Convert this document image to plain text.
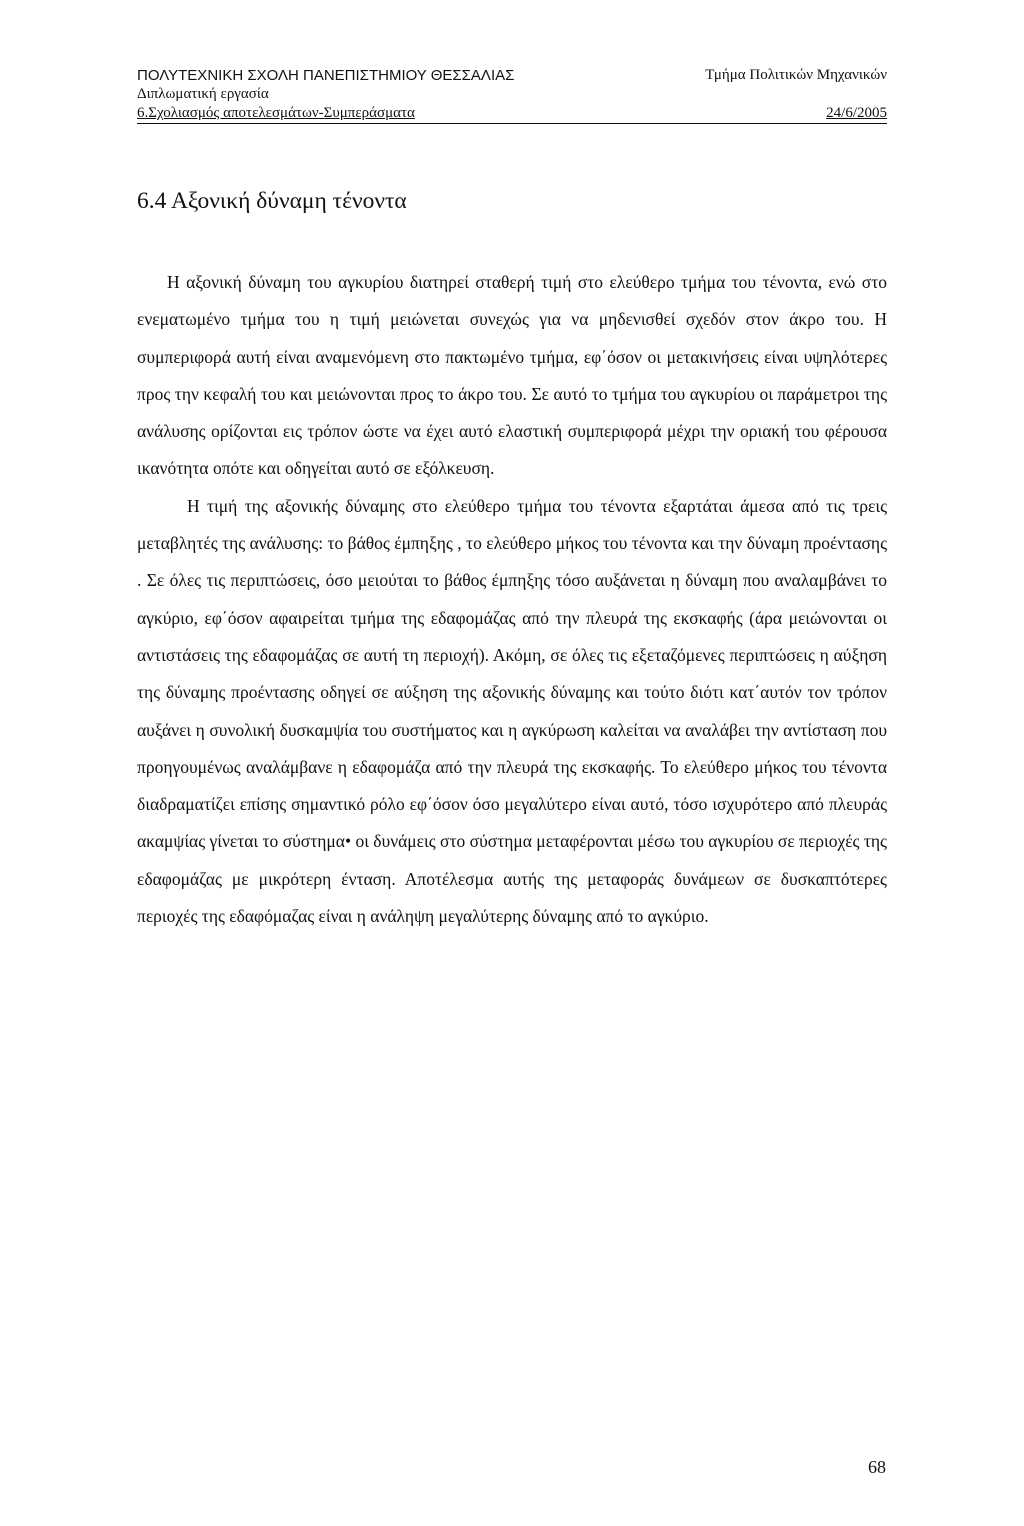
ΠΟΛΥΤΕΧΝΙΚΗ ΣΧΟΛΗ ΠΑΝΕΠΙΣΤΗΜΙΟΥ ΘΕΣΣΑΛΙΑΣ	Τμήμα Πολιτικών Μηχανικών
Διπλωματική εργασία
6.Σχολιασμός αποτελεσμάτων-Συμπεράσματα	24/6/2005
6.4 Αξονική δύναμη τένοντα

Η αξονική δύναμη του αγκυρίου διατηρεί σταθερή τιμή στο ελεύθερο τμήμα του τένοντα, ενώ στο ενεματωμένο τμήμα του η τιμή μειώνεται συνεχώς για να μηδενισθεί σχεδόν στον άκρο του. Η συμπεριφορά αυτή είναι αναμενόμενη στο πακτωμένο τμήμα, εφ΄όσον οι μετακινήσεις είναι υψηλότερες προς την κεφαλή του και μειώνονται προς το άκρο του. Σε αυτό το τμήμα του αγκυρίου οι παράμετροι της ανάλυσης ορίζονται εις τρόπον ώστε να έχει αυτό ελαστική συμπεριφορά μέχρι την οριακή του φέρουσα ικανότητα οπότε και οδηγείται αυτό σε εξόλκευση.

Η τιμή της αξονικής δύναμης στο ελεύθερο τμήμα του τένοντα εξαρτάται άμεσα από τις τρεις μεταβλητές της ανάλυσης: το βάθος έμπηξης , το ελεύθερο μήκος του τένοντα και την δύναμη προέντασης . Σε όλες τις περιπτώσεις, όσο μειούται το βάθος έμπηξης τόσο αυξάνεται η δύναμη που αναλαμβάνει το αγκύριο, εφ΄όσον αφαιρείται τμήμα της εδαφομάζας από την πλευρά της εκσκαφής (άρα μειώνονται οι αντιστάσεις της εδαφομάζας σε αυτή τη περιοχή). Ακόμη, σε όλες τις εξεταζόμενες περιπτώσεις η αύξηση της δύναμης προέντασης οδηγεί σε αύξηση της αξονικής δύναμης και τούτο διότι κατ΄αυτόν τον τρόπον αυξάνει η συνολική δυσκαμψία του συστήματος και η αγκύρωση καλείται να αναλάβει την αντίσταση που προηγουμένως αναλάμβανε η εδαφομάζα από την πλευρά της εκσκαφής. Το ελεύθερο μήκος του τένοντα διαδραματίζει επίσης σημαντικό ρόλο εφ΄όσον όσο μεγαλύτερο είναι αυτό, τόσο ισχυρότερο από πλευράς ακαμψίας γίνεται το σύστημα• οι δυνάμεις στο σύστημα μεταφέρονται μέσω του αγκυρίου σε περιοχές της εδαφομάζας με μικρότερη ένταση. Αποτέλεσμα αυτής της μεταφοράς δυνάμεων σε δυσκαπτότερες περιοχές της εδαφόμαζας είναι η ανάληψη μεγαλύτερης δύναμης από το αγκύριο.

68
